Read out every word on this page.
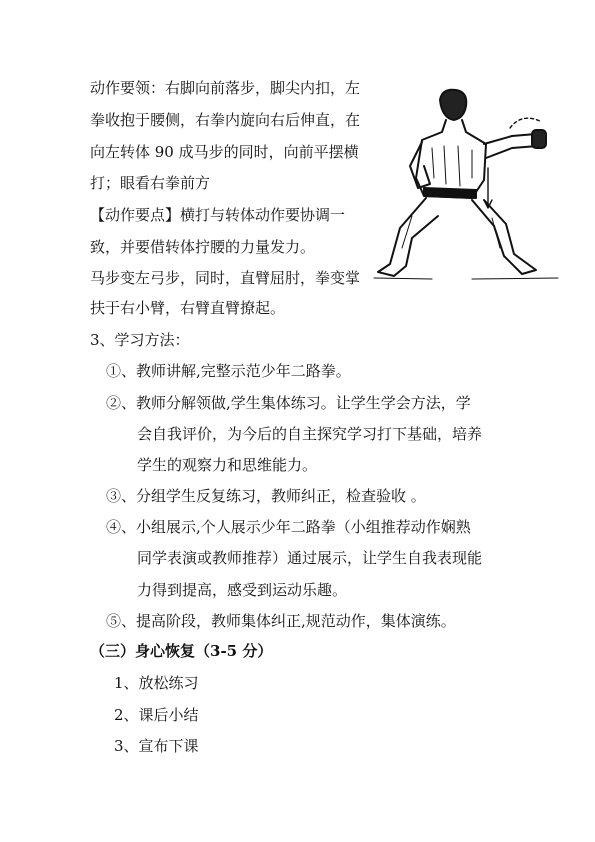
动作要领：右脚向前落步，脚尖内扣，左
拳收抱于腰侧，右拳内旋向右后伸直，在
向左转体 90 成马步的同时，向前平摆横
打；眼看右拳前方
【动作要点】横打与转体动作要协调一
致，并要借转体拧腰的力量发力。
马步变左弓步，同时，直臂屈肘，拳变掌
扶于右小臂，右臂直臂撩起。
3、学习方法：
①、教师讲解,完整示范少年二路拳。
②、教师分解领做,学生集体练习。让学生学会方法，学
会自我评价，为今后的自主探究学习打下基础，培养
学生的观察力和思维能力。
③、分组学生反复练习，教师纠正，检查验收 。
④、小组展示,个人展示少年二路拳（小组推荐动作娴熟
同学表演或教师推荐）通过展示，让学生自我表现能
力得到提高，感受到运动乐趣。
⑤、提高阶段，教师集体纠正,规范动作，集体演练。
（三）身心恢复（3-5 分）
1、放松练习
2、课后小结
3、宣布下课
